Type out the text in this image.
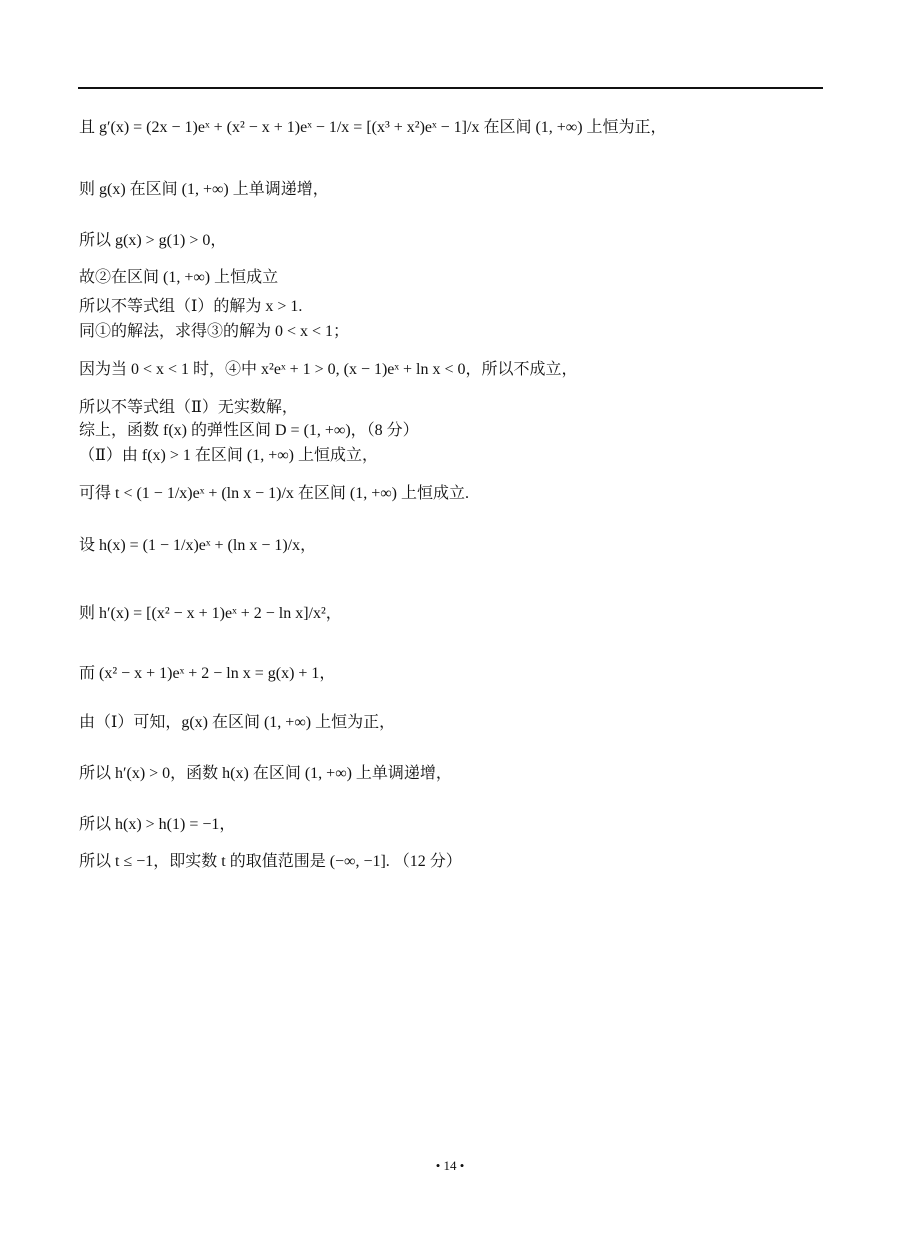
且 g′(x) = (2x − 1)eˣ + (x² − x + 1)eˣ − 1/x = [(x³ + x²)eˣ − 1]/x 在区间 (1, +∞) 上恒为正，
则 g(x) 在区间 (1, +∞) 上单调递增，
所以 g(x) > g(1) > 0，
故②在区间 (1, +∞) 上恒成立
所以不等式组（Ⅰ）的解为 x > 1.
同①的解法，求得③的解为 0 < x < 1；
因为当 0 < x < 1 时，④中 x²eˣ + 1 > 0, (x − 1)eˣ + ln x < 0，所以不成立，
所以不等式组（Ⅱ）无实数解，
综上，函数 f(x) 的弹性区间 D = (1, +∞)，（8 分）
（Ⅱ）由 f(x) > 1 在区间 (1, +∞) 上恒成立，
可得 t < (1 − 1/x)eˣ + (ln x − 1)/x 在区间 (1, +∞) 上恒成立.
设 h(x) = (1 − 1/x)eˣ + (ln x − 1)/x，
则 h′(x) = [(x² − x + 1)eˣ + 2 − ln x]/x²，
而 (x² − x + 1)eˣ + 2 − ln x = g(x) + 1，
由（Ⅰ）可知，g(x) 在区间 (1, +∞) 上恒为正，
所以 h′(x) > 0，函数 h(x) 在区间 (1, +∞) 上单调递增，
所以 h(x) > h(1) = −1，
所以 t ≤ −1，即实数 t 的取值范围是 (−∞, −1]. （12 分）
• 14 •
